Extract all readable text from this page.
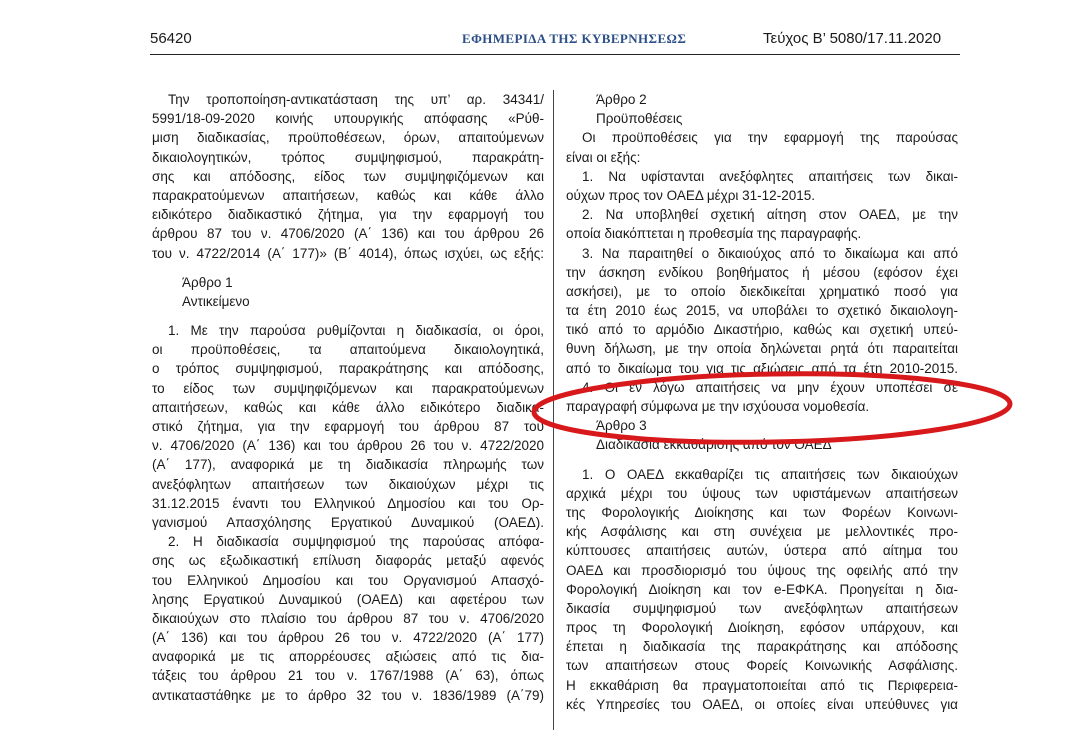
56420	ΕΦΗΜΕΡΙΔΑ ΤΗΣ ΚΥΒΕΡΝΗΣΕΩΣ	Τεύχος Β’ 5080/17.11.2020
Την τροποποίηση-αντικατάσταση της υπ’ αρ. 34341/
5991/18-09-2020 κοινής υπουργικής απόφασης «Ρύθ-
μιση διαδικασίας, προϋποθέσεων, όρων, απαιτούμενων
δικαιολογητικών, τρόπος συμψηφισμού, παρακράτη-
σης και απόδοσης, είδος των συμψηφιζόμενων και
παρακρατούμενων απαιτήσεων, καθώς και κάθε άλλο
ειδικότερο διαδικαστικό ζήτημα, για την εφαρμογή του
άρθρου 87 του ν. 4706/2020 (Α΄ 136) και του άρθρου 26
του ν. 4722/2014 (Α΄ 177)» (Β΄ 4014), όπως ισχύει, ως εξής:
Άρθρο 1
Αντικείμενο
1. Με την παρούσα ρυθμίζονται η διαδικασία, οι όροι,
οι προϋποθέσεις, τα απαιτούμενα δικαιολογητικά,
ο τρόπος συμψηφισμού, παρακράτησης και απόδοσης,
το είδος των συμψηφιζόμενων και παρακρατούμενων
απαιτήσεων, καθώς και κάθε άλλο ειδικότερο διαδικα-
στικό ζήτημα, για την εφαρμογή του άρθρου 87 του
ν. 4706/2020 (Α΄ 136) και του άρθρου 26 του ν. 4722/2020
(Α΄ 177), αναφορικά με τη διαδικασία πληρωμής των
ανεξόφλητων απαιτήσεων των δικαιούχων μέχρι τις
31.12.2015 έναντι του Ελληνικού Δημοσίου και του Ορ-
γανισμού Απασχόλησης Εργατικού Δυναμικού (ΟΑΕΔ).
2. Η διαδικασία συμψηφισμού της παρούσας απόφα-
σης ως εξωδικαστική επίλυση διαφοράς μεταξύ αφενός
του Ελληνικού Δημοσίου και του Οργανισμού Απασχό-
λησης Εργατικού Δυναμικού (ΟΑΕΔ) και αφετέρου των
δικαιούχων στο πλαίσιο του άρθρου 87 του ν. 4706/2020
(Α΄ 136) και του άρθρου 26 του ν. 4722/2020 (Α΄ 177)
αναφορικά με τις απορρέουσες αξιώσεις από τις δια-
τάξεις του άρθρου 21 του ν. 1767/1988 (Α΄ 63), όπως
αντικαταστάθηκε με το άρθρο 32 του ν. 1836/1989 (Α΄79)
Άρθρο 2
Προϋποθέσεις
Οι προϋποθέσεις για την εφαρμογή της παρούσας
είναι οι εξής:
1. Να υφίστανται ανεξόφλητες απαιτήσεις των δικαι-
ούχων προς τον ΟΑΕΔ μέχρι 31-12-2015.
2. Να υποβληθεί σχετική αίτηση στον ΟΑΕΔ, με την
οποία διακόπτεται η προθεσμία της παραγραφής.
3. Να παραιτηθεί ο δικαιούχος από το δικαίωμα και από
την άσκηση ενδίκου βοηθήματος ή μέσου (εφόσον έχει
ασκήσει), με το οποίο διεκδικείται χρηματικό ποσό για
τα έτη 2010 έως 2015, να υποβάλει το σχετικό δικαιολογη-
τικό από το αρμόδιο Δικαστήριο, καθώς και σχετική υπεύ-
θυνη δήλωση, με την οποία δηλώνεται ρητά ότι παραιτείται
από το δικαίωμα του για τις αξιώσεις από τα έτη 2010-2015.
4. Οι εν λόγω απαιτήσεις να μην έχουν υποπέσει σε
παραγραφή σύμφωνα με την ισχύουσα νομοθεσία.
Άρθρο 3
Διαδικασία εκκαθάρισης από τον ΟΑΕΔ
1. Ο ΟΑΕΔ εκκαθαρίζει τις απαιτήσεις των δικαιούχων
αρχικά μέχρι του ύψους των υφιστάμενων απαιτήσεων
της Φορολογικής Διοίκησης και των Φορέων Κοινωνι-
κής Ασφάλισης και στη συνέχεια με μελλοντικές προ-
κύπτουσες απαιτήσεις αυτών, ύστερα από αίτημα του
ΟΑΕΔ και προσδιορισμό του ύψους της οφειλής από την
Φορολογική Διοίκηση και τον e-ΕΦΚΑ. Προηγείται η δια-
δικασία συμψηφισμού των ανεξόφλητων απαιτήσεων
προς τη Φορολογική Διοίκηση, εφόσον υπάρχουν, και
έπεται η διαδικασία της παρακράτησης και απόδοσης
των απαιτήσεων στους Φορείς Κοινωνικής Ασφάλισης.
Η εκκαθάριση θα πραγματοποιείται από τις Περιφερεια-
κές Υπηρεσίες του ΟΑΕΔ, οι οποίες είναι υπεύθυνες για
